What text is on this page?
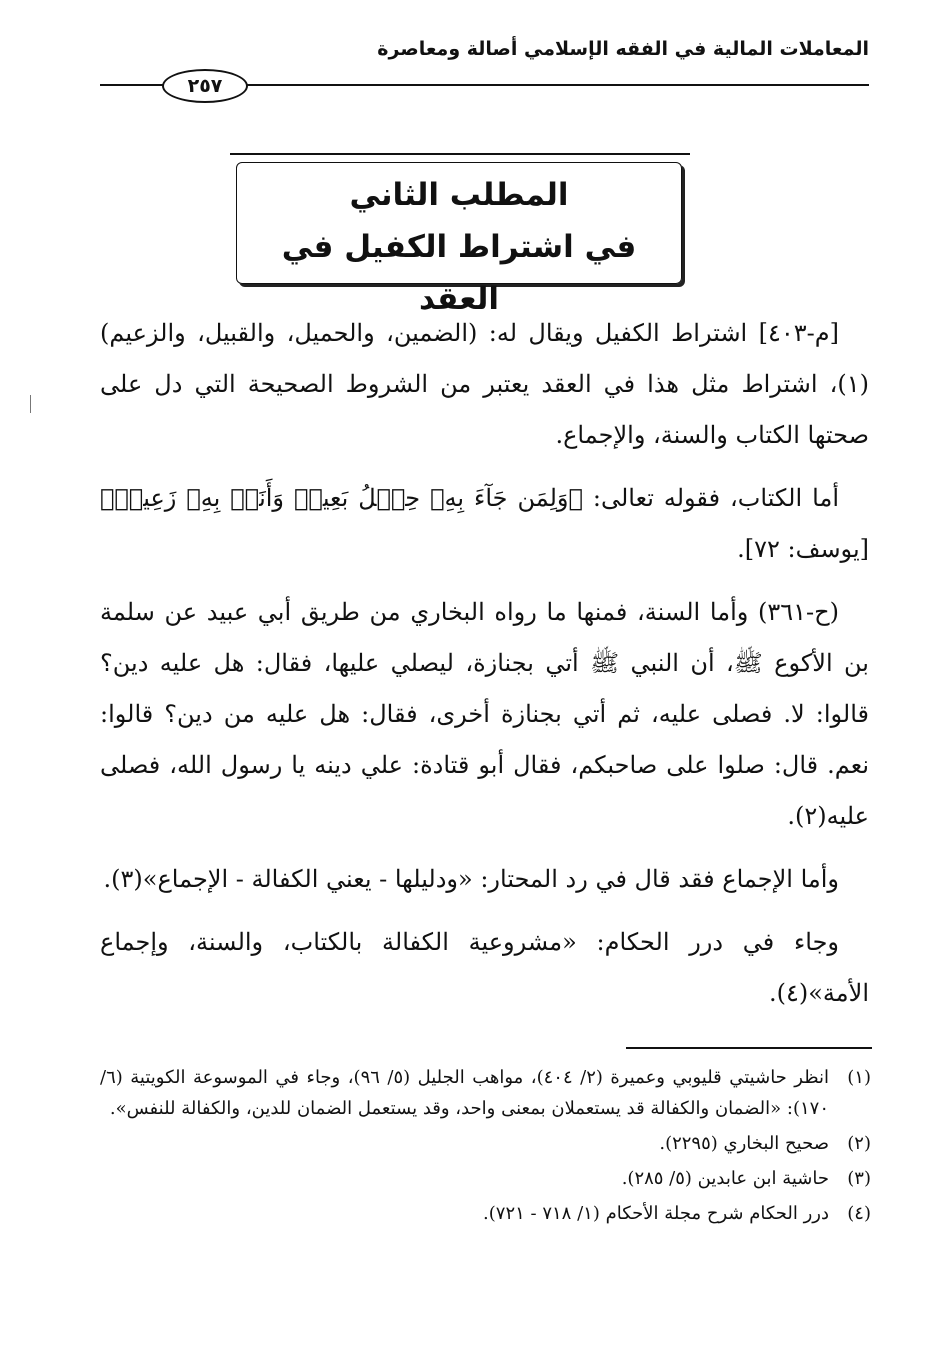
المعاملات المالية في الفقه الإسلامي أصالة ومعاصرة
٢٥٧
المطلب الثاني
في اشتراط الكفيل في العقد

[م-٤٠٣] اشتراط الكفيل ويقال له: (الضمين، والحميل، والقبيل، والزعيم)(١)، اشتراط مثل هذا في العقد يعتبر من الشروط الصحيحة التي دل على صحتها الكتاب والسنة، والإجماع.

أما الكتاب، فقوله تعالى: ﴿وَلِمَن جَآءَ بِهِۦ حِمۡلُ بَعِيرٖ وَأَنَا۠ بِهِۦ زَعِيمٞ﴾ [يوسف: ٧٢].

(ح-٣٦١) وأما السنة، فمنها ما رواه البخاري من طريق أبي عبيد عن سلمة بن الأكوع ﷺ، أن النبي ﷺ أتي بجنازة، ليصلي عليها، فقال: هل عليه دين؟ قالوا: لا. فصلى عليه، ثم أتي بجنازة أخرى، فقال: هل عليه من دين؟ قالوا: نعم. قال: صلوا على صاحبكم، فقال أبو قتادة: علي دينه يا رسول الله، فصلى عليه(٢).

وأما الإجماع فقد قال في رد المحتار: «ودليلها - يعني الكفالة - الإجماع»(٣).

وجاء في درر الحكام: «مشروعية الكفالة بالكتاب، والسنة، وإجماع الأمة»(٤).

(١)
انظر حاشيتي قليوبي وعميرة (٢/ ٤٠٤)، مواهب الجليل (٥/ ٩٦)، وجاء في الموسوعة الكويتية (٦/ ١٧٠): «الضمان والكفالة قد يستعملان بمعنى واحد، وقد يستعمل الضمان للدين، والكفالة للنفس».
(٢)
صحيح البخاري (٢٢٩٥).
(٣)
حاشية ابن عابدين (٥/ ٢٨٥).
(٤)
درر الحكام شرح مجلة الأحكام (١/ ٧١٨ - ٧٢١).
